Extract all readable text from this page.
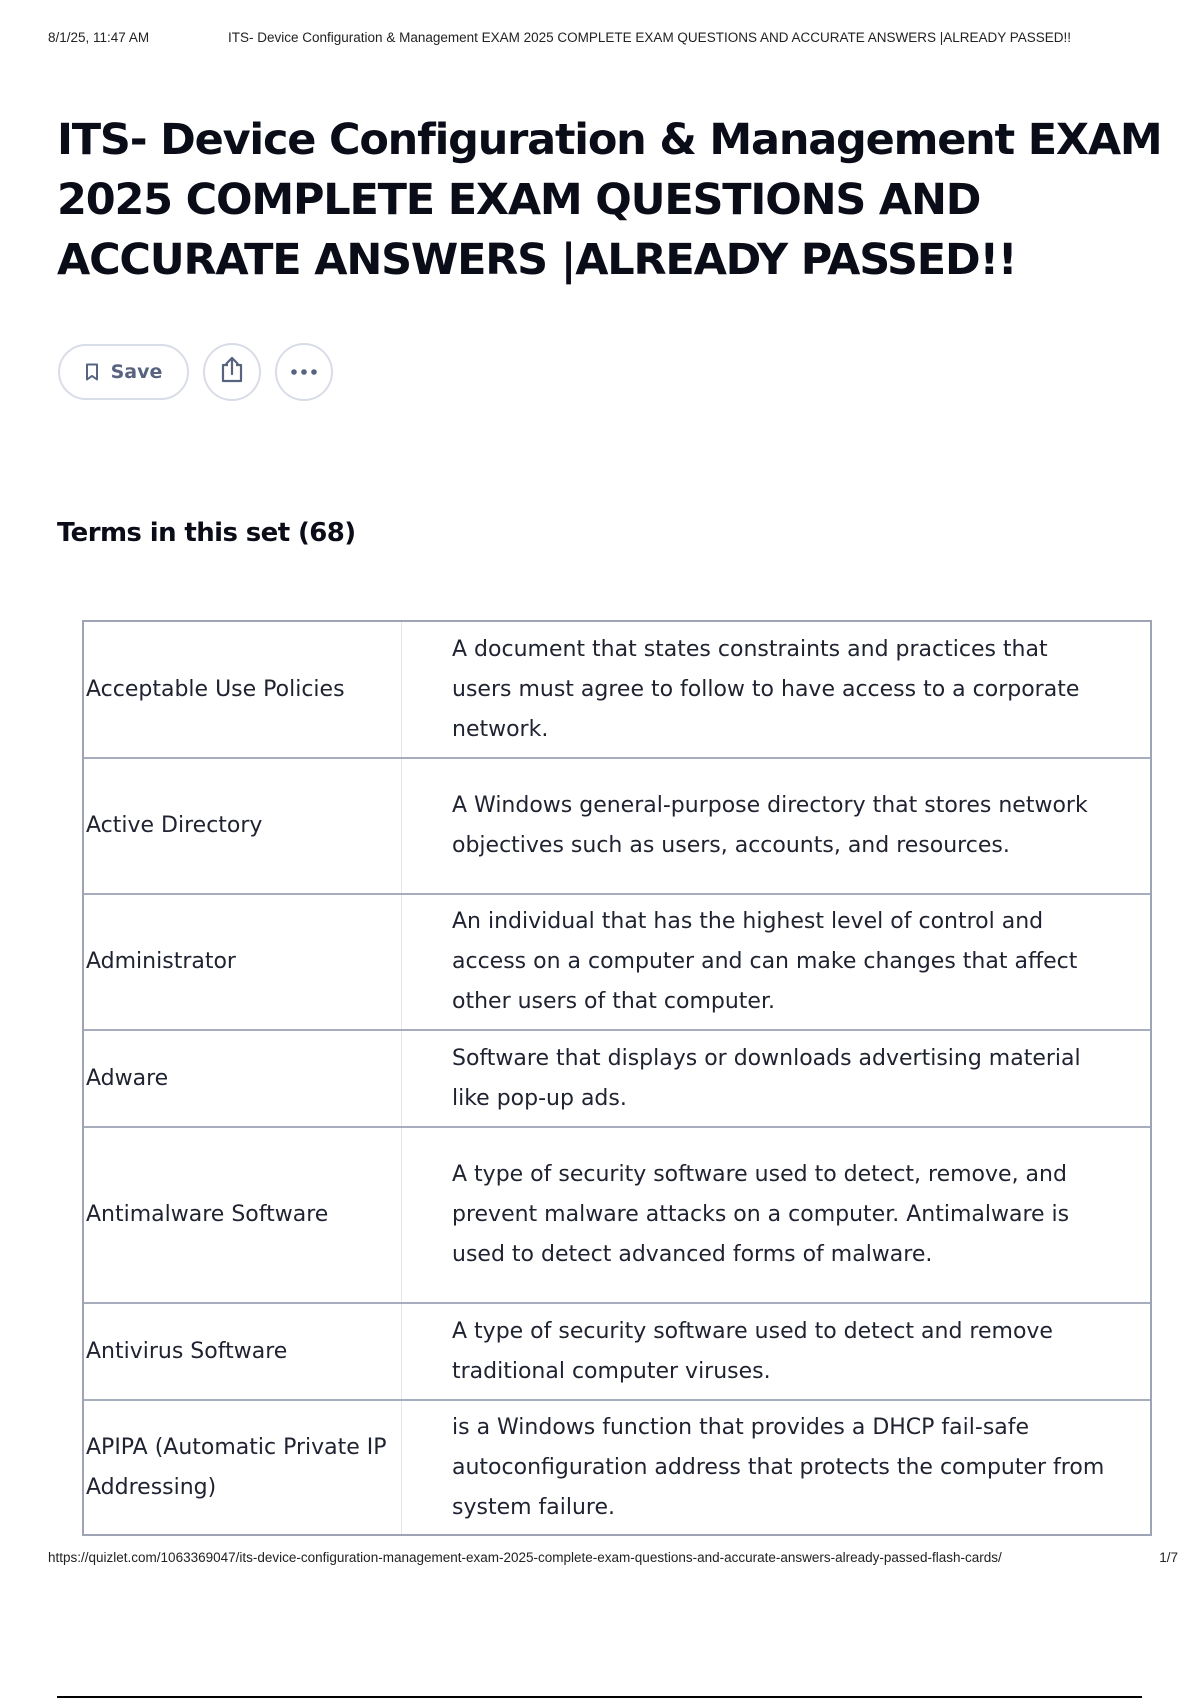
8/1/25, 11:47 AM	ITS- Device Configuration & Management EXAM 2025 COMPLETE EXAM QUESTIONS AND ACCURATE ANSWERS |ALREADY PASSED!!
ITS- Device Configuration & Management EXAM 2025 COMPLETE EXAM QUESTIONS AND ACCURATE ANSWERS |ALREADY PASSED!!
Save
Terms in this set (68)
Acceptable Use Policies
A document that states constraints and practices that users must agree to follow to have access to a corporate network.
Active Directory
A Windows general-purpose directory that stores network objectives such as users, accounts, and resources.
Administrator
An individual that has the highest level of control and access on a computer and can make changes that affect other users of that computer.
Adware
Software that displays or downloads advertising material like pop-up ads.
Antimalware Software
A type of security software used to detect, remove, and prevent malware attacks on a computer. Antimalware is used to detect advanced forms of malware.
Antivirus Software
A type of security software used to detect and remove traditional computer viruses.
APIPA (Automatic Private IP Addressing)
is a Windows function that provides a DHCP fail-safe autoconfiguration address that protects the computer from system failure.
https://quizlet.com/1063369047/its-device-configuration-management-exam-2025-complete-exam-questions-and-accurate-answers-already-passed-flash-cards/	1/7
